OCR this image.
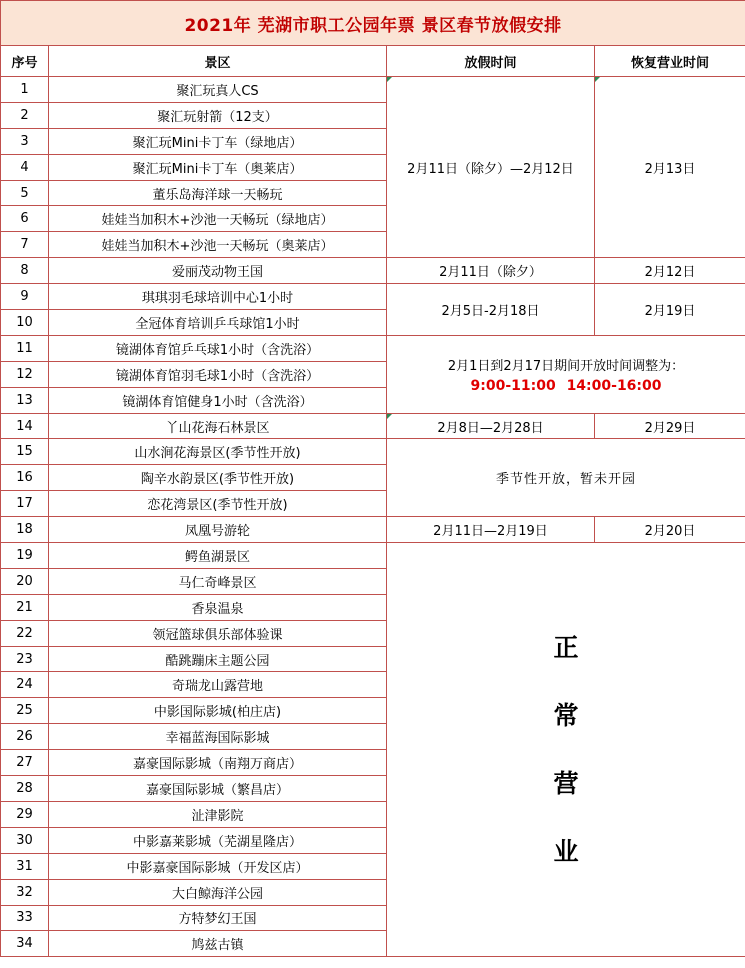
2021年 芜湖市职工公园年票 景区春节放假安排			
序号	景区	放假时间	恢复营业时间
1	聚汇玩真人CS	2月11日（除夕）—2月12日	2月13日
2	聚汇玩射箭（12支）		
3	聚汇玩Mini卡丁车（绿地店）		
4	聚汇玩Mini卡丁车（奥莱店）		
5	董乐岛海洋球一天畅玩		
6	娃娃当加积木+沙池一天畅玩（绿地店）		
7	娃娃当加积木+沙池一天畅玩（奥莱店）		
8	爱丽茂动物王国	2月11日（除夕）	2月12日
9	琪琪羽毛球培训中心1小时	2月5日-2月18日	2月19日
10	全冠体育培训乒乓球馆1小时		
11	镜湖体育馆乒乓球1小时（含洗浴）	2月1日到2月17日期间开放时间调整为：
9:00-11:00 14:00-16:00	

12	镜湖体育馆羽毛球1小时（含洗浴）		
13	镜湖体育馆健身1小时（含洗浴）		
14	丫山花海石林景区	2月8日—2月28日	2月29日
15	山水涧花海景区(季节性开放)	季节性开放，暂未开园	
16	陶辛水韵景区(季节性开放)		
17	恋花湾景区(季节性开放)		
18	凤凰号游轮	2月11日—2月19日	2月20日
19	鳄鱼湖景区	正常营业	
20	马仁奇峰景区		
21	香泉温泉		
22	领冠篮球俱乐部体验课		
23	酷跳蹦床主题公园		
24	奇瑞龙山露营地		
25	中影国际影城(柏庄店)		
26	幸福蓝海国际影城		
27	嘉豪国际影城（南翔万商店）		
28	嘉豪国际影城（繁昌店）		
29	沚津影院		
30	中影嘉莱影城（芜湖星隆店）		
31	中影嘉豪国际影城（开发区店）		
32	大白鲸海洋公园		
33	方特梦幻王国		
34	鸠兹古镇		
